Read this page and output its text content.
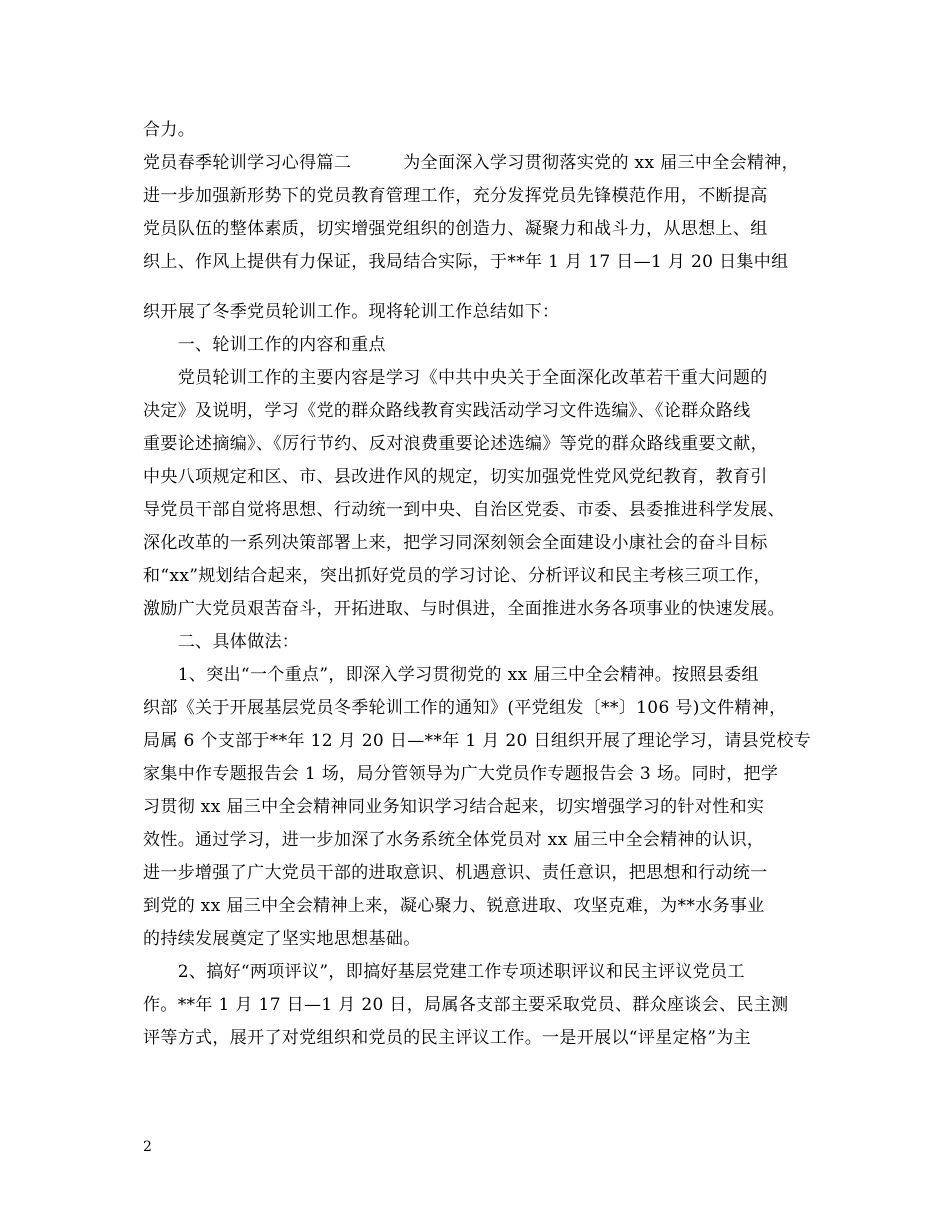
合力。
党员春季轮训学习心得篇二　　　为全面深入学习贯彻落实党的 xx 届三中全会精神，
进一步加强新形势下的党员教育管理工作，充分发挥党员先锋模范作用，不断提高
党员队伍的整体素质，切实增强党组织的创造力、凝聚力和战斗力，从思想上、组
织上、作风上提供有力保证，我局结合实际，于**年 1 月 17 日—1 月 20 日集中组
织开展了冬季党员轮训工作。现将轮训工作总结如下：
　　一、轮训工作的内容和重点
　　党员轮训工作的主要内容是学习《中共中央关于全面深化改革若干重大问题的
决定》及说明，学习《党的群众路线教育实践活动学习文件选编》、《论群众路线
重要论述摘编》、《厉行节约、反对浪费重要论述选编》等党的群众路线重要文献，
中央八项规定和区、市、县改进作风的规定，切实加强党性党风党纪教育，教育引
导党员干部自觉将思想、行动统一到中央、自治区党委、市委、县委推进科学发展、
深化改革的一系列决策部署上来，把学习同深刻领会全面建设小康社会的奋斗目标
和“xx”规划结合起来，突出抓好党员的学习讨论、分析评议和民主考核三项工作，
激励广大党员艰苦奋斗，开拓进取、与时俱进，全面推进水务各项事业的快速发展。
　　二、具体做法：
　　1、突出“一个重点”，即深入学习贯彻党的 xx 届三中全会精神。按照县委组
织部《关于开展基层党员冬季轮训工作的通知》(平党组发〔**〕106 号)文件精神，
局属 6 个支部于**年 12 月 20 日—**年 1 月 20 日组织开展了理论学习，请县党校专
家集中作专题报告会 1 场，局分管领导为广大党员作专题报告会 3 场。同时，把学
习贯彻 xx 届三中全会精神同业务知识学习结合起来，切实增强学习的针对性和实
效性。通过学习，进一步加深了水务系统全体党员对 xx 届三中全会精神的认识，
进一步增强了广大党员干部的进取意识、机遇意识、责任意识，把思想和行动统一
到党的 xx 届三中全会精神上来，凝心聚力、锐意进取、攻坚克难，为**水务事业
的持续发展奠定了坚实地思想基础。
　　2、搞好“两项评议”，即搞好基层党建工作专项述职评议和民主评议党员工
作。**年 1 月 17 日—1 月 20 日，局属各支部主要采取党员、群众座谈会、民主测
评等方式，展开了对党组织和党员的民主评议工作。一是开展以“评星定格”为主
2
